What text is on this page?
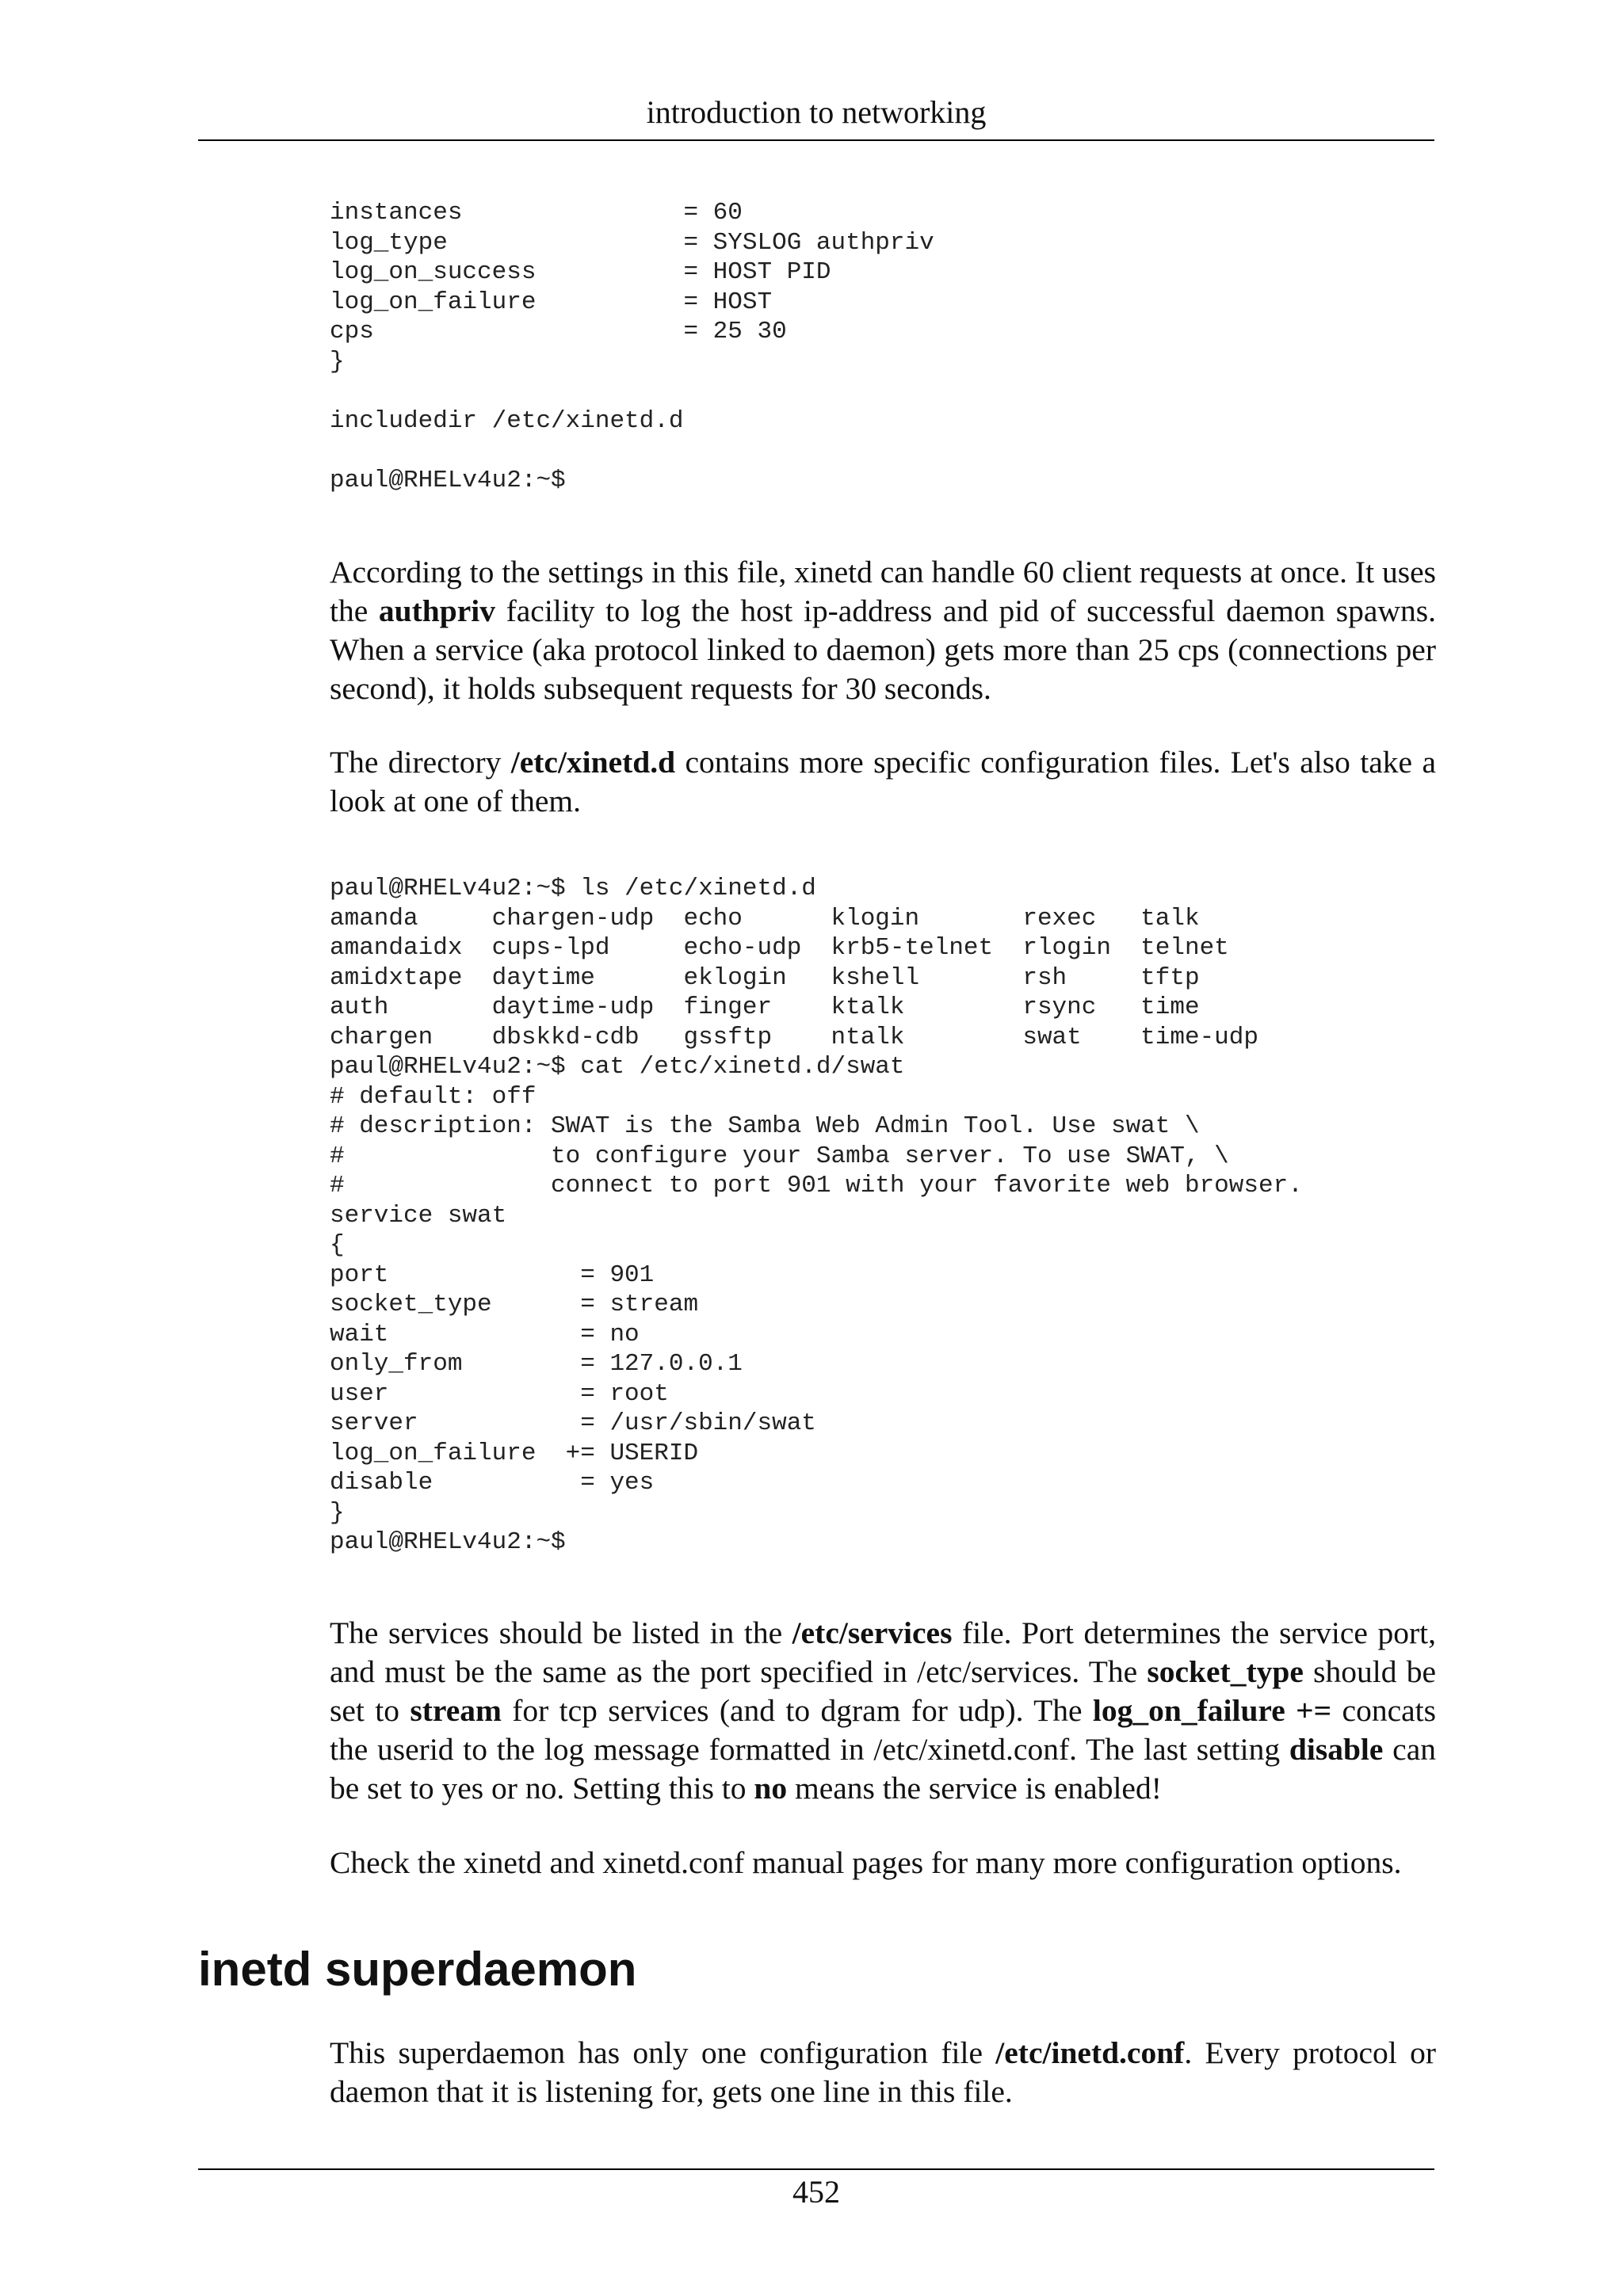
introduction to networking
instances               = 60
log_type                = SYSLOG authpriv
log_on_success          = HOST PID
log_on_failure          = HOST
cps                     = 25 30
}
includedir /etc/xinetd.d
paul@RHELv4u2:~$

According to the settings in this file, xinetd can handle 60 client requests at once. It uses the authpriv facility to log the host ip-address and pid of successful daemon spawns. When a service (aka protocol linked to daemon) gets more than 25 cps (connections per second), it holds subsequent requests for 30 seconds.

The directory /etc/xinetd.d contains more specific configuration files. Let's also take a look at one of them.

paul@RHELv4u2:~$ ls /etc/xinetd.d
amanda     chargen-udp  echo      klogin       rexec   talk
amandaidx  cups-lpd     echo-udp  krb5-telnet  rlogin  telnet
amidxtape  daytime      eklogin   kshell       rsh     tftp
auth       daytime-udp  finger    ktalk        rsync   time
chargen    dbskkd-cdb   gssftp    ntalk        swat    time-udp
paul@RHELv4u2:~$ cat /etc/xinetd.d/swat
# default: off
# description: SWAT is the Samba Web Admin Tool. Use swat \
#              to configure your Samba server. To use SWAT, \
#              connect to port 901 with your favorite web browser.
service swat
{
port             = 901
socket_type      = stream
wait             = no
only_from        = 127.0.0.1
user             = root
server           = /usr/sbin/swat
log_on_failure  += USERID
disable          = yes
}
paul@RHELv4u2:~$

The services should be listed in the /etc/services file. Port determines the service port, and must be the same as the port specified in /etc/services. The socket_type should be set to stream for tcp services (and to dgram for udp). The log_on_failure += concats the userid to the log message formatted in /etc/xinetd.conf. The last setting disable can be set to yes or no. Setting this to no means the service is enabled!

Check the xinetd and xinetd.conf manual pages for many more configuration options.

inetd superdaemon

This superdaemon has only one configuration file /etc/inetd.conf. Every protocol or daemon that it is listening for, gets one line in this file.

452
